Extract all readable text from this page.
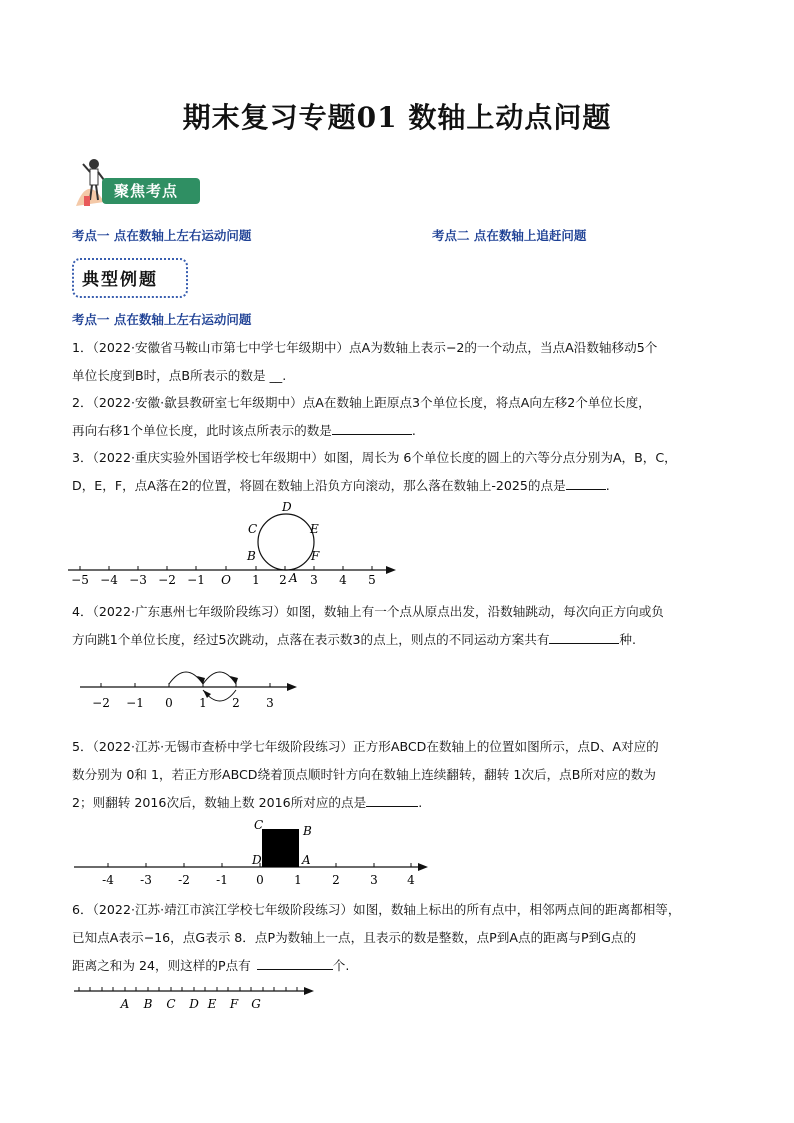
期末复习专题01 数轴上动点问题
聚焦考点
考点一 点在数轴上左右运动问题	考点二 点在数轴上追赶问题
典型例题
考点一 点在数轴上左右运动问题
1．（2022·安徽省马鞍山市第七中学七年级期中）点A为数轴上表示−2的一个动点，当点A沿数轴移动5个
单位长度到B时，点B所表示的数是 __.
2．（2022·安徽·歙县教研室七年级期中）点A在数轴上距原点3个单位长度，将点A向左移2个单位长度，
再向右移1个单位长度，此时该点所表示的数是	.
3．（2022·重庆实验外国语学校七年级期中）如图，周长为 6个单位长度的圆上的六等分点分别为A，B，C，
D，E，F，点A落在2的位置，将圆在数轴上沿负方向滚动，那么落在数轴上-2025的点是	.
−5 −4 −3 −2 −1 O 1 2 3 4 5
D
C	E
B	F
A
4．（2022·广东惠州七年级阶段练习）如图，数轴上有一个点从原点出发，沿数轴跳动，每次向正方向或负
方向跳1个单位长度，经过5次跳动，点落在表示数3的点上，则点的不同运动方案共有	种.
−2 −1 0 1 2 3
5．（2022·江苏·无锡市查桥中学七年级阶段练习）正方形ABCD在数轴上的位置如图所示，点D、A对应的
数分别为 0和 1，若正方形ABCD绕着顶点顺时针方向在数轴上连续翻转，翻转 1次后，点B所对应的数为
2；则翻转 2016次后，数轴上数 2016所对应的点是	.
C	B
D	A
-4 -3 -2 -1 0	1	2	3 4
6．（2022·江苏·靖江市滨江学校七年级阶段练习）如图，数轴上标出的所有点中，相邻两点间的距离都相等，
已知点A表示−16，点G表示 8．点P为数轴上一点，且表示的数是整数，点P到A点的距离与P到G点的
距离之和为 24，则这样的P点有	个.
A B C D E F G
